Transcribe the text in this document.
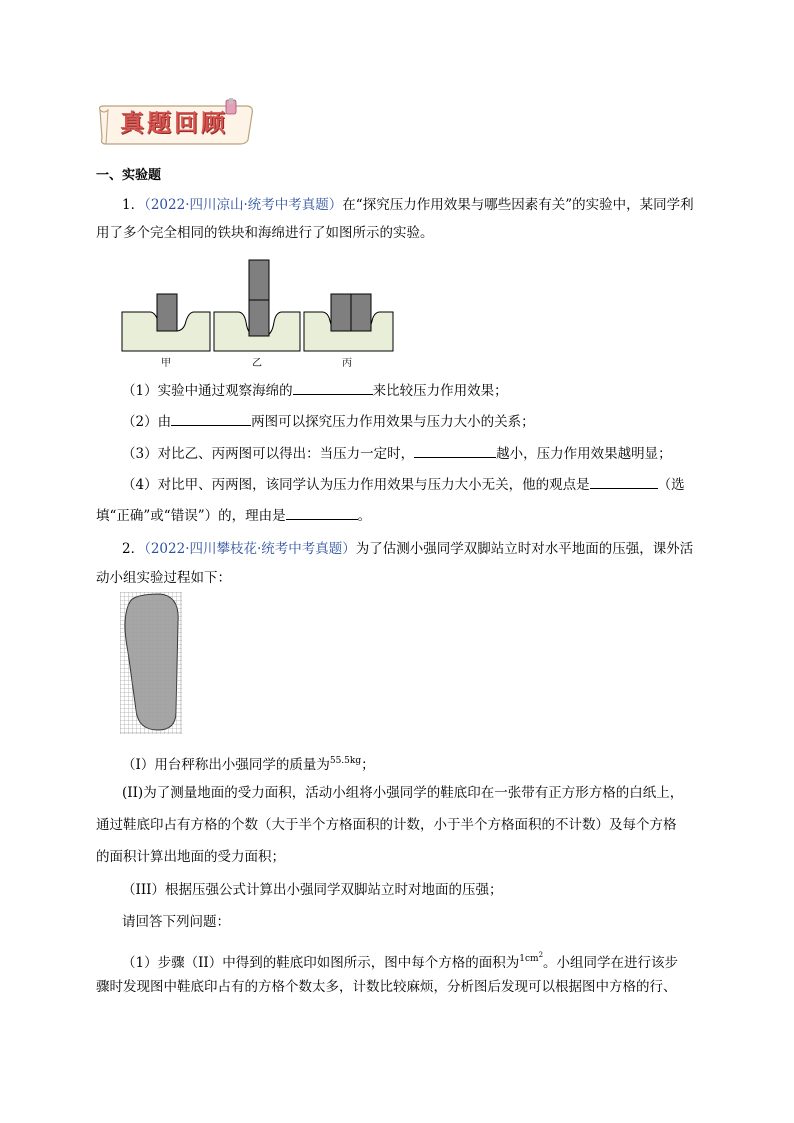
真题回顾
一、实验题

1．（2022·四川凉山·统考中考真题）在“探究压力作用效果与哪些因素有关”的实验中，某同学利

用了多个完全相同的铁块和海绵进行了如图所示的实验。

甲	乙	丙

（1）实验中通过观察海绵的	来比较压力作用效果；

（2）由	两图可以探究压力作用效果与压力大小的关系；

（3）对比乙、丙两图可以得出：当压力一定时，	越小，压力作用效果越明显；

（4）对比甲、丙两图，该同学认为压力作用效果与压力大小无关，他的观点是	（选

填“正确”或“错误”）的，理由是	。

2．（2022·四川攀枝花·统考中考真题）为了估测小强同学双脚站立时对水平地面的压强，课外活

动小组实验过程如下：

（I）用台秤称出小强同学的质量为$^{55.5kg}$；

(II)为了测量地面的受力面积，活动小组将小强同学的鞋底印在一张带有正方形方格的白纸上，

通过鞋底印占有方格的个数（大于半个方格面积的计数，小于半个方格面积的不计数）及每个方格

的面积计算出地面的受力面积；

（III）根据压强公式计算出小强同学双脚站立时对地面的压强；

请回答下列问题：

（1）步骤（II）中得到的鞋底印如图所示，图中每个方格的面积为$^{1cm^2}$。小组同学在进行该步

骤时发现图中鞋底印占有的方格个数太多，计数比较麻烦，分析图后发现可以根据图中方格的行、
